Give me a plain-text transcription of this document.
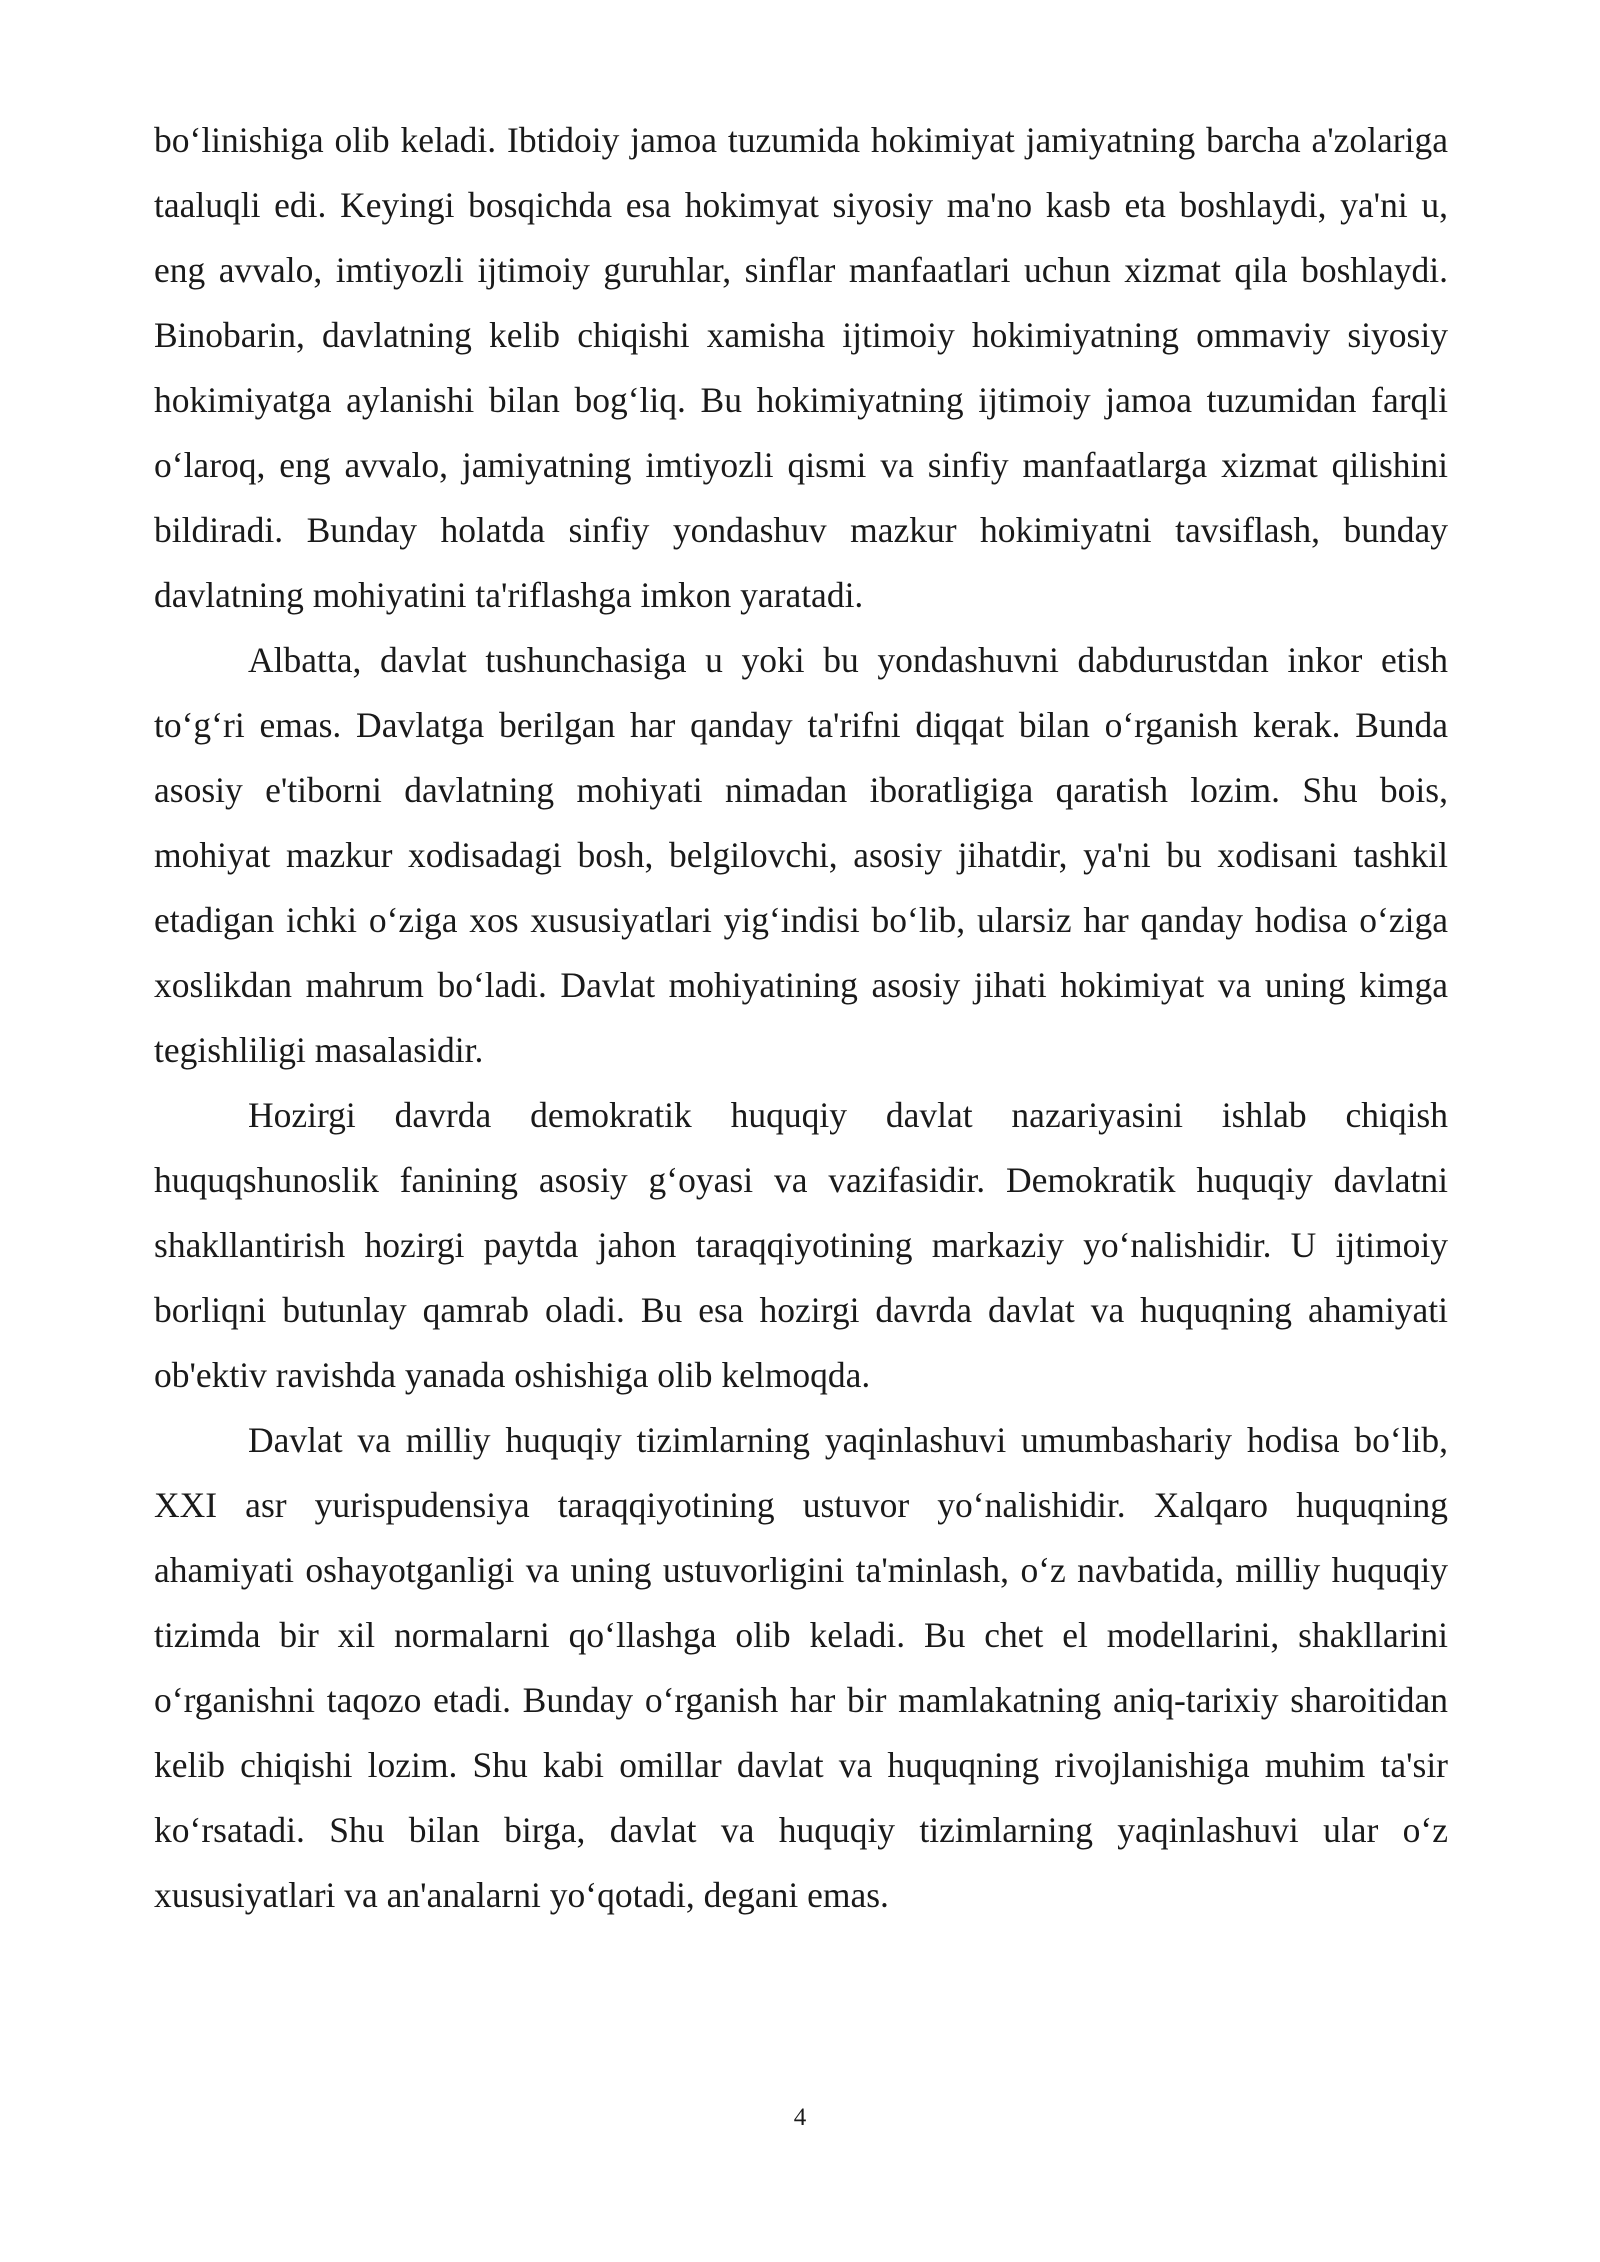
bo‘linishiga olib keladi. Ibtidoiy jamoa tuzumida hokimiyat jamiyatning barcha a'zolariga taaluqli edi. Keyingi bosqichda esa hokimyat siyosiy ma'no kasb eta boshlaydi, ya'ni u, eng avvalo, imtiyozli ijtimoiy guruhlar, sinflar manfaatlari uchun xizmat qila boshlaydi. Binobarin, davlatning kelib chiqishi xamisha ijtimoiy hokimiyatning ommaviy siyosiy hokimiyatga aylanishi bilan bog‘liq. Bu hokimiyatning ijtimoiy jamoa tuzumidan farqli o‘laroq, eng avvalo, jamiyatning imtiyozli qismi va sinfiy manfaatlarga xizmat qilishini bildiradi. Bunday holatda sinfiy yondashuv mazkur hokimiyatni tavsiflash, bunday davlatning mohiyatini ta'riflashga imkon yaratadi.

Albatta, davlat tushunchasiga u yoki bu yondashuvni dabdurustdan inkor etish to‘g‘ri emas. Davlatga berilgan har qanday ta'rifni diqqat bilan o‘rganish kerak. Bunda asosiy e'tiborni davlatning mohiyati nimadan iboratligiga qaratish lozim. Shu bois, mohiyat mazkur xodisadagi bosh, belgilovchi, asosiy jihatdir, ya'ni bu xodisani tashkil etadigan ichki o‘ziga xos xususiyatlari yig‘indisi bo‘lib, ularsiz har qanday hodisa o‘ziga xoslikdan mahrum bo‘ladi. Davlat mohiyatining asosiy jihati hokimiyat va uning kimga tegishliligi masalasidir.

Hozirgi davrda demokratik huquqiy davlat nazariyasini ishlab chiqish huquqshunoslik fanining asosiy g‘oyasi va vazifasidir. Demokratik huquqiy davlatni shakllantirish hozirgi paytda jahon taraqqiyotining markaziy yo‘nalishidir. U ijtimoiy borliqni butunlay qamrab oladi. Bu esa hozirgi davrda davlat va huquqning ahamiyati ob'ektiv ravishda yanada oshishiga olib kelmoqda.

Davlat va milliy huquqiy tizimlarning yaqinlashuvi umumbashariy hodisa bo‘lib, XXI asr yurispudensiya taraqqiyotining ustuvor yo‘nalishidir. Xalqaro huquqning ahamiyati oshayotganligi va uning ustuvorligini ta'minlash, o‘z navbatida, milliy huquqiy tizimda bir xil normalarni qo‘llashga olib keladi. Bu chet el modellarini, shakllarini o‘rganishni taqozo etadi. Bunday o‘rganish har bir mamlakatning aniq-tarixiy sharoitidan kelib chiqishi lozim. Shu kabi omillar davlat va huquqning rivojlanishiga muhim ta'sir ko‘rsatadi. Shu bilan birga, davlat va huquqiy tizimlarning yaqinlashuvi ular o‘z xususiyatlari va an'analarni yo‘qotadi, degani emas.

4
